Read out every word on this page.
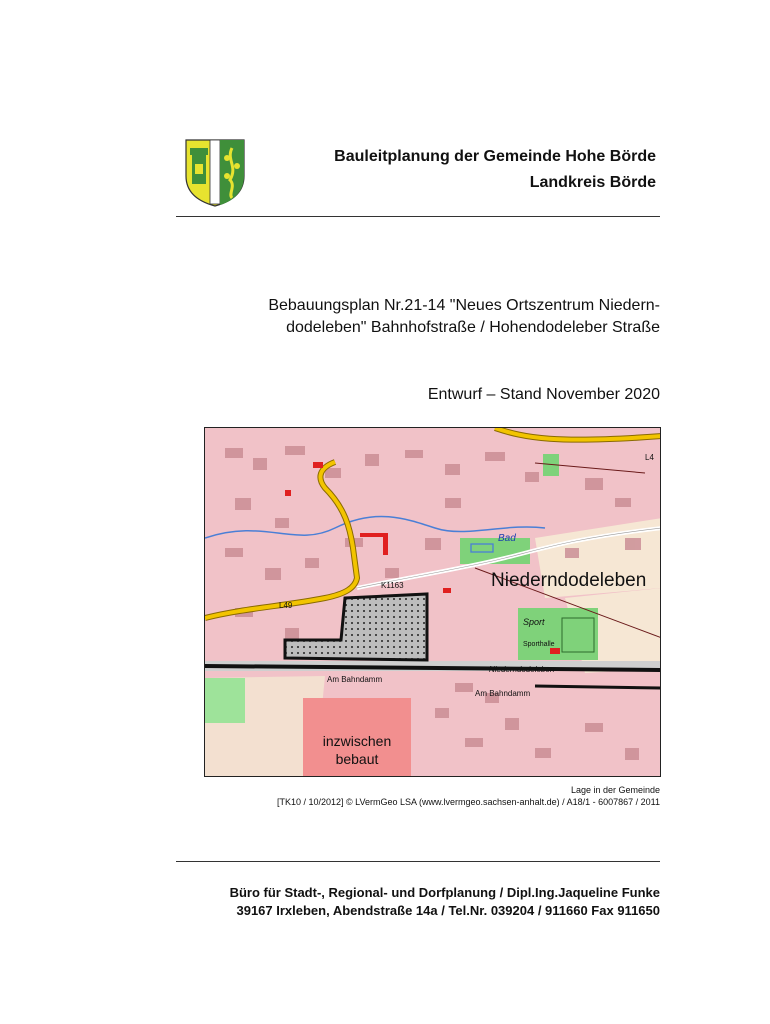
Bauleitplanung der Gemeinde Hohe Börde
Landkreis Börde
Bebauungsplan Nr.21-14 "Neues Ortszentrum Niedern-
dodeleben" Bahnhofstraße / Hohendodeleber Straße
Entwurf – Stand November 2020
inzwischen
bebaut
Niederndodeleben
Bad
Sport
Sporthalle
Niederndodeleben
Am Bahndamm
Am Bahndamm
K1163
L49
L4
Lage in der Gemeinde
[TK10 / 10/2012] © LVermGeo LSA (www.lvermgeo.sachsen-anhalt.de) / A18/1 - 6007867 / 2011
Büro für Stadt-, Regional- und Dorfplanung / Dipl.Ing.Jaqueline Funke
39167 Irxleben, Abendstraße 14a / Tel.Nr. 039204 / 911660 Fax 911650
